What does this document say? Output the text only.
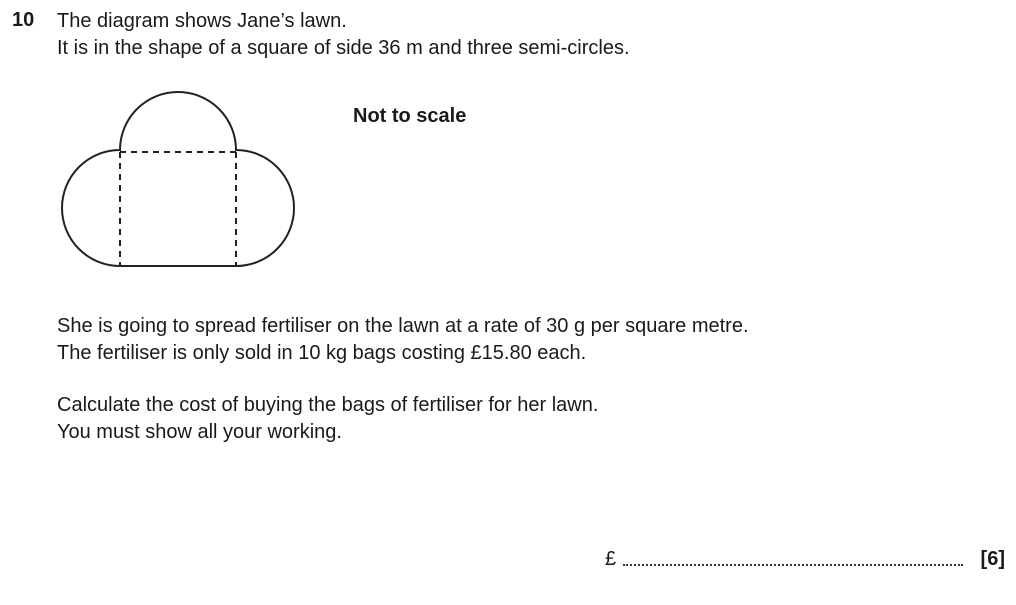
10 The diagram shows Jane’s lawn.
It is in the shape of a square of side 36 m and three semi-circles.
Not to scale
She is going to spread fertiliser on the lawn at a rate of 30 g per square metre.
The fertiliser is only sold in 10 kg bags costing £15.80 each.
Calculate the cost of buying the bags of fertiliser for her lawn.
You must show all your working.
£	[6]
